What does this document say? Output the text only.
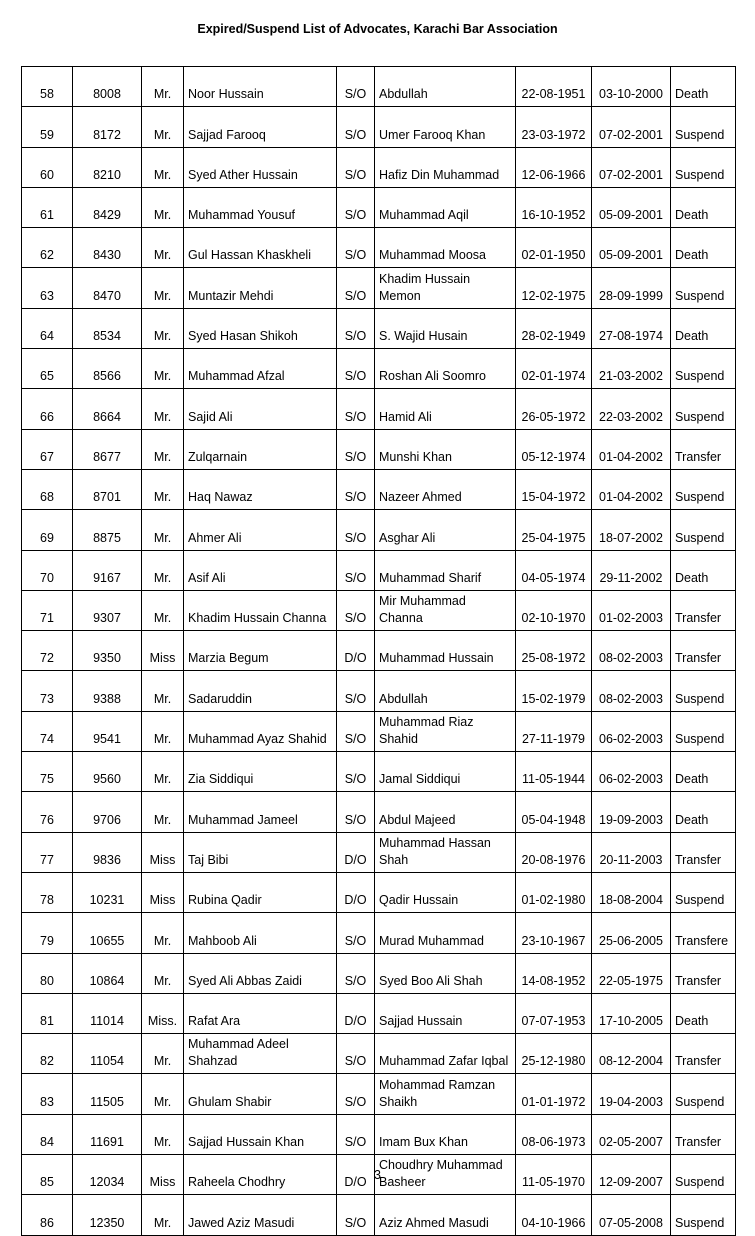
Expired/Suspend List of Advocates, Karachi Bar Association
58	8008	Mr.	Noor Hussain	S/O	Abdullah	22-08-1951	03-10-2000	Death
59	8172	Mr.	Sajjad Farooq	S/O	Umer Farooq Khan	23-03-1972	07-02-2001	Suspend
60	8210	Mr.	Syed Ather Hussain	S/O	Hafiz Din Muhammad	12-06-1966	07-02-2001	Suspend
61	8429	Mr.	Muhammad Yousuf	S/O	Muhammad Aqil	16-10-1952	05-09-2001	Death
62	8430	Mr.	Gul Hassan Khaskheli	S/O	Muhammad Moosa	02-01-1950	05-09-2001	Death
63	8470	Mr.	Muntazir Mehdi	S/O	Khadim Hussain Memon	12-02-1975	28-09-1999	Suspend
64	8534	Mr.	Syed Hasan Shikoh	S/O	S. Wajid Husain	28-02-1949	27-08-1974	Death
65	8566	Mr.	Muhammad Afzal	S/O	Roshan Ali Soomro	02-01-1974	21-03-2002	Suspend
66	8664	Mr.	Sajid Ali	S/O	Hamid Ali	26-05-1972	22-03-2002	Suspend
67	8677	Mr.	Zulqarnain	S/O	Munshi Khan	05-12-1974	01-04-2002	Transfer
68	8701	Mr.	Haq Nawaz	S/O	Nazeer Ahmed	15-04-1972	01-04-2002	Suspend
69	8875	Mr.	Ahmer Ali	S/O	Asghar Ali	25-04-1975	18-07-2002	Suspend
70	9167	Mr.	Asif Ali	S/O	Muhammad Sharif	04-05-1974	29-11-2002	Death
71	9307	Mr.	Khadim Hussain Channa	S/O	Mir Muhammad Channa	02-10-1970	01-02-2003	Transfer
72	9350	Miss	Marzia Begum	D/O	Muhammad Hussain	25-08-1972	08-02-2003	Transfer
73	9388	Mr.	Sadaruddin	S/O	Abdullah	15-02-1979	08-02-2003	Suspend
74	9541	Mr.	Muhammad Ayaz Shahid	S/O	Muhammad Riaz Shahid	27-11-1979	06-02-2003	Suspend
75	9560	Mr.	Zia Siddiqui	S/O	Jamal Siddiqui	11-05-1944	06-02-2003	Death
76	9706	Mr.	Muhammad Jameel	S/O	Abdul Majeed	05-04-1948	19-09-2003	Death
77	9836	Miss	Taj Bibi	D/O	Muhammad Hassan Shah	20-08-1976	20-11-2003	Transfer
78	10231	Miss	Rubina Qadir	D/O	Qadir Hussain	01-02-1980	18-08-2004	Suspend
79	10655	Mr.	Mahboob Ali	S/O	Murad Muhammad	23-10-1967	25-06-2005	Transfere
80	10864	Mr.	Syed Ali Abbas Zaidi	S/O	Syed Boo Ali Shah	14-08-1952	22-05-1975	Transfer
81	11014	Miss.	Rafat Ara	D/O	Sajjad Hussain	07-07-1953	17-10-2005	Death
82	11054	Mr.	Muhammad Adeel Shahzad	S/O	Muhammad Zafar Iqbal	25-12-1980	08-12-2004	Transfer
83	11505	Mr.	Ghulam Shabir	S/O	Mohammad Ramzan Shaikh	01-01-1972	19-04-2003	Suspend
84	11691	Mr.	Sajjad Hussain Khan	S/O	Imam Bux Khan	08-06-1973	02-05-2007	Transfer
85	12034	Miss	Raheela Chodhry	D/O	Choudhry Muhammad Basheer	11-05-1970	12-09-2007	Suspend
86	12350	Mr.	Jawed Aziz Masudi	S/O	Aziz Ahmed Masudi	04-10-1966	07-05-2008	Suspend
3
